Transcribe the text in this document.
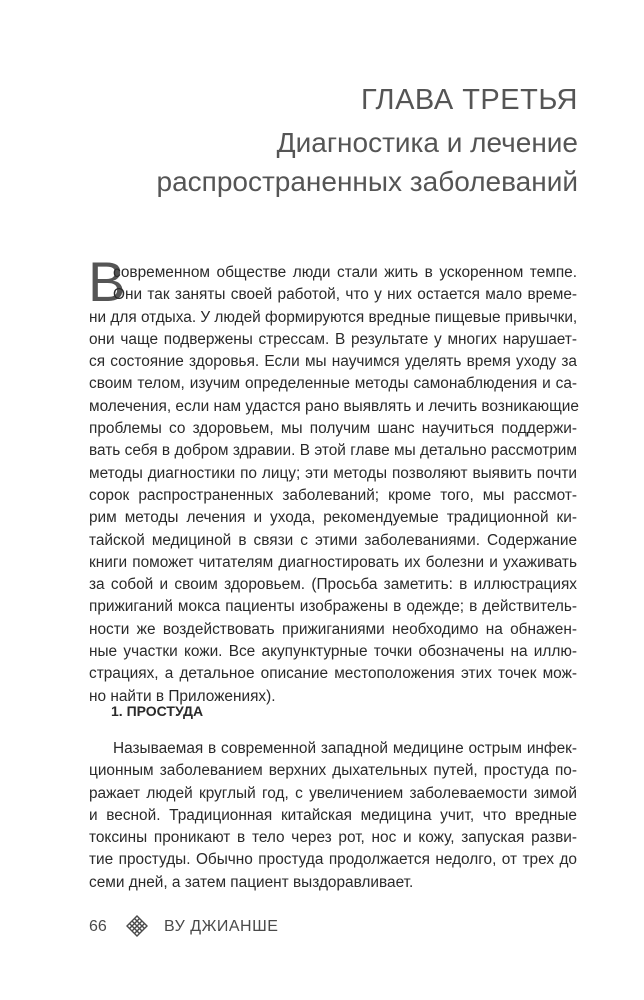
ГЛАВА ТРЕТЬЯ
Диагностика и лечение
распространенных заболеваний
В
современном обществе люди стали жить в ускоренном темпе.
Они так заняты своей работой, что у них остается мало време-
ни для отдыха. У людей формируются вредные пищевые привычки,
они чаще подвержены стрессам. В результате у многих нарушает-
ся состояние здоровья. Если мы научимся уделять время уходу за
своим телом, изучим определенные методы самонаблюдения и са-
молечения, если нам удастся рано выявлять и лечить возникающие
проблемы со здоровьем, мы получим шанс научиться поддержи-
вать себя в добром здравии. В этой главе мы детально рассмотрим
методы диагностики по лицу; эти методы позволяют выявить почти
сорок распространенных заболеваний; кроме того, мы рассмот-
рим методы лечения и ухода, рекомендуемые традиционной ки-
тайской медициной в связи с этими заболеваниями. Содержание
книги поможет читателям диагностировать их болезни и ухаживать
за собой и своим здоровьем. (Просьба заметить: в иллюстрациях
прижиганий мокса пациенты изображены в одежде; в действитель-
ности же воздействовать прижиганиями необходимо на обнажен-
ные участки кожи. Все акупунктурные точки обозначены на иллю-
страциях, а детальное описание местоположения этих точек мож-
но найти в Приложениях).
1. ПРОСТУДА
Называемая в современной западной медицине острым инфек-
ционным заболеванием верхних дыхательных путей, простуда по-
ражает людей круглый год, с увеличением заболеваемости зимой
и весной. Традиционная китайская медицина учит, что вредные
токсины проникают в тело через рот, нос и кожу, запуская разви-
тие простуды. Обычно простуда продолжается недолго, от трех до
семи дней, а затем пациент выздоравливает.
66	ВУ ДЖИАНШЕ
